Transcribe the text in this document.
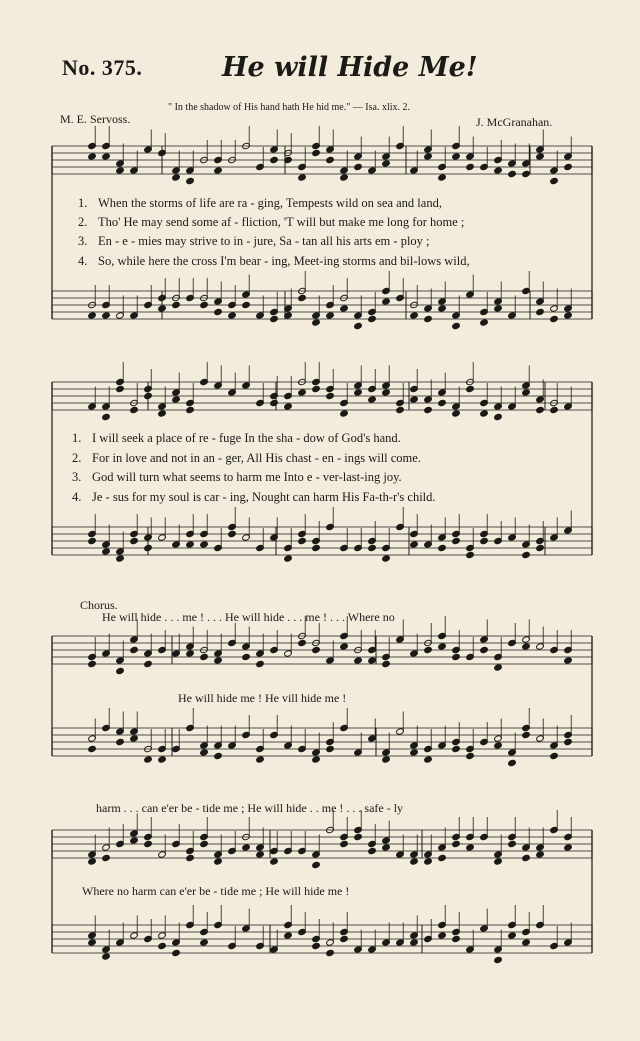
No. 375.	He will Hide Me!
" In the shadow of His hand hath He hid me." — Isa. xlix. 2.
M. E. Servoss.	J. McGranahan.
1. When the storms of life are ra - ging, Tempests wild on sea and land,
2. Tho' He may send some af - fliction, 'T will but make me long for home ;
3. En - e - mies may strive to in - jure, Sa - tan all his arts em - ploy ;
4. So, while here the cross I'm bear - ing, Meet-ing storms and bil-lows wild,
1. I will seek a place of re - fuge In the sha - dow of God's hand.
2. For in love and not in an - ger, All His chast - en - ings will come.
3. God will turn what seems to harm me Into e - ver-last-ing joy.
4. Je - sus for my soul is car - ing, Nought can harm His Fa-th-r's child.
Chorus.
He will hide . . . me ! . . . He will hide . . . me ! . . . Where no
He will hide me ! He vill hide me !
harm . . . can e'er be - tide me ; He will hide . . me ! . . . safe - ly
Where no harm can e'er be - tide me ; He will hide me !
